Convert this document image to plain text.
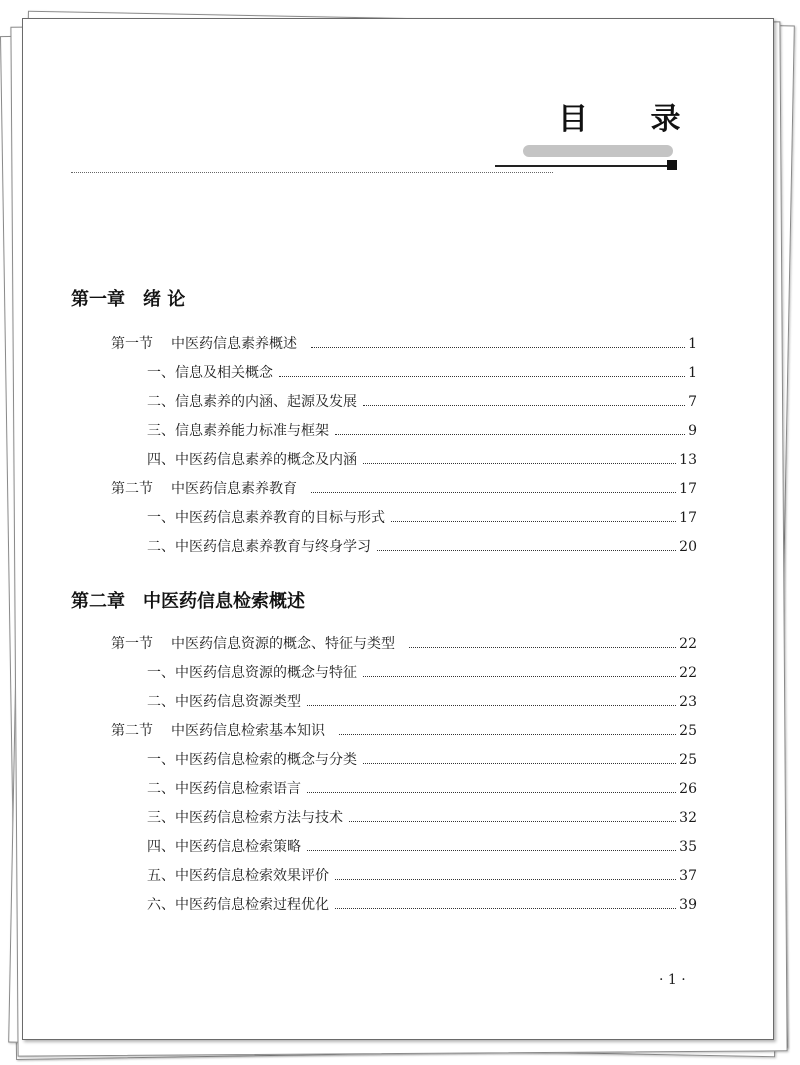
目 录
第一章 绪 论
第一节 中医药信息素养概述	1
一、信息及相关概念	1
二、信息素养的内涵、起源及发展	7
三、信息素养能力标准与框架	9
四、中医药信息素养的概念及内涵	13
第二节 中医药信息素养教育	17
一、中医药信息素养教育的目标与形式	17
二、中医药信息素养教育与终身学习	20
第二章 中医药信息检索概述
第一节 中医药信息资源的概念、特征与类型	22
一、中医药信息资源的概念与特征	22
二、中医药信息资源类型	23
第二节 中医药信息检索基本知识	25
一、中医药信息检索的概念与分类	25
二、中医药信息检索语言	26
三、中医药信息检索方法与技术	32
四、中医药信息检索策略	35
五、中医药信息检索效果评价	37
六、中医药信息检索过程优化	39
· 1 ·
